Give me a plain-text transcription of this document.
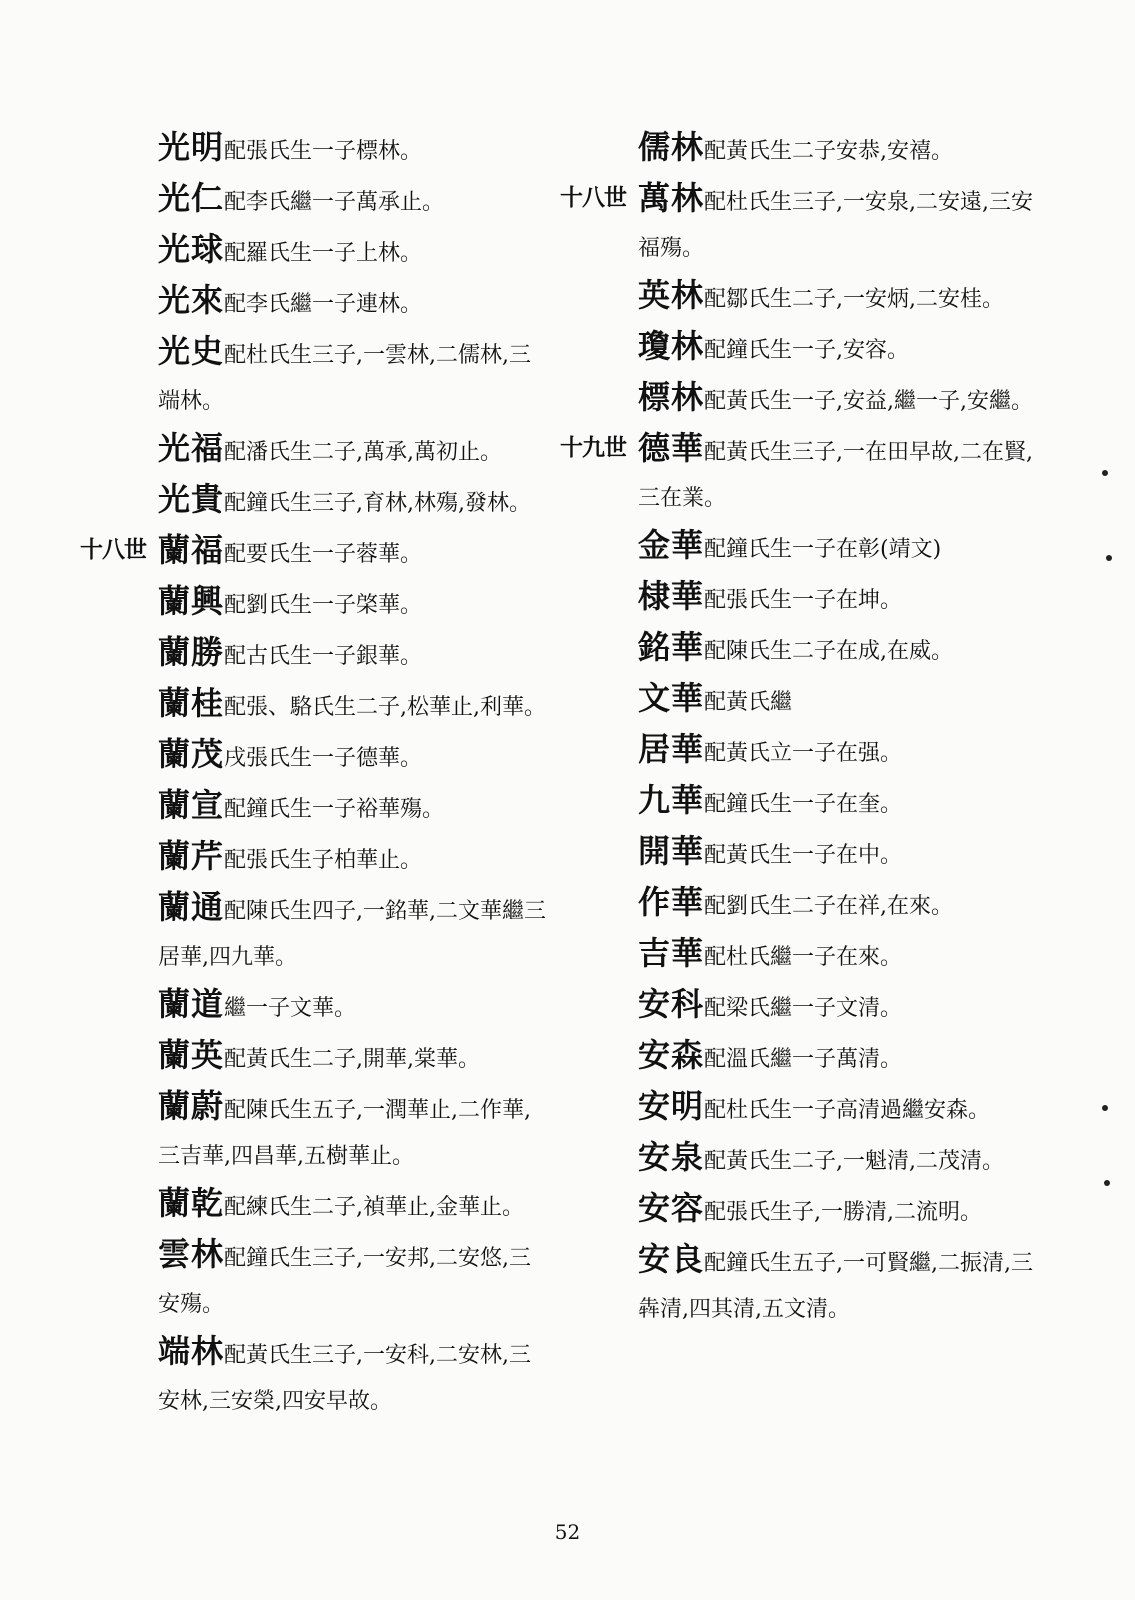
光明配張氏生一子標林。
光仁配李氏繼一子萬承止。
光球配羅氏生一子上林。
光來配李氏繼一子連林。
光史配杜氏生三子,一雲林,二儒林,三端林。
光福配潘氏生二子,萬承,萬初止。
光貴配鐘氏生三子,育林,林殤,發林。
十八世 蘭福配要氏生一子蓉華。
蘭興配劉氏生一子棨華。
蘭勝配古氏生一子銀華。
蘭桂配張、駱氏生二子,松華止,利華。
蘭茂戌張氏生一子德華。
蘭宣配鐘氏生一子裕華殤。
蘭芹配張氏生子柏華止。
蘭通配陳氏生四子,一銘華,二文華繼三居華,四九華。
蘭道繼一子文華。
蘭英配黃氏生二子,開華,棠華。
蘭蔚配陳氏生五子,一潤華止,二作華,三吉華,四昌華,五樹華止。
蘭乾配練氏生二子,禎華止,金華止。
雲林配鐘氏生三子,一安邦,二安悠,三安殤。
端林配黃氏生三子,一安科,二安林,三安林,三安榮,四安早故。
儒林配黃氏生二子安恭,安禧。
十八世 萬林配杜氏生三子,一安泉,二安遠,三安福殤。
英林配鄒氏生二子,一安炳,二安桂。
瓊林配鐘氏生一子,安容。
標林配黃氏生一子,安益,繼一子,安繼。
十九世 德華配黃氏生三子,一在田早故,二在賢,三在業。
金華配鐘氏生一子在彰(靖文)
棣華配張氏生一子在坤。
銘華配陳氏生二子在成,在威。
文華配黃氏繼
居華配黃氏立一子在强。
九華配鐘氏生一子在奎。
開華配黃氏生一子在中。
作華配劉氏生二子在祥,在來。
吉華配杜氏繼一子在來。
安科配梁氏繼一子文清。
安森配溫氏繼一子萬清。
安明配杜氏生一子高清過繼安森。
安泉配黃氏生二子,一魁清,二茂清。
安容配張氏生子,一勝清,二流明。
安良配鐘氏生五子,一可賢繼,二振清,三犇清,四其清,五文清。
52
